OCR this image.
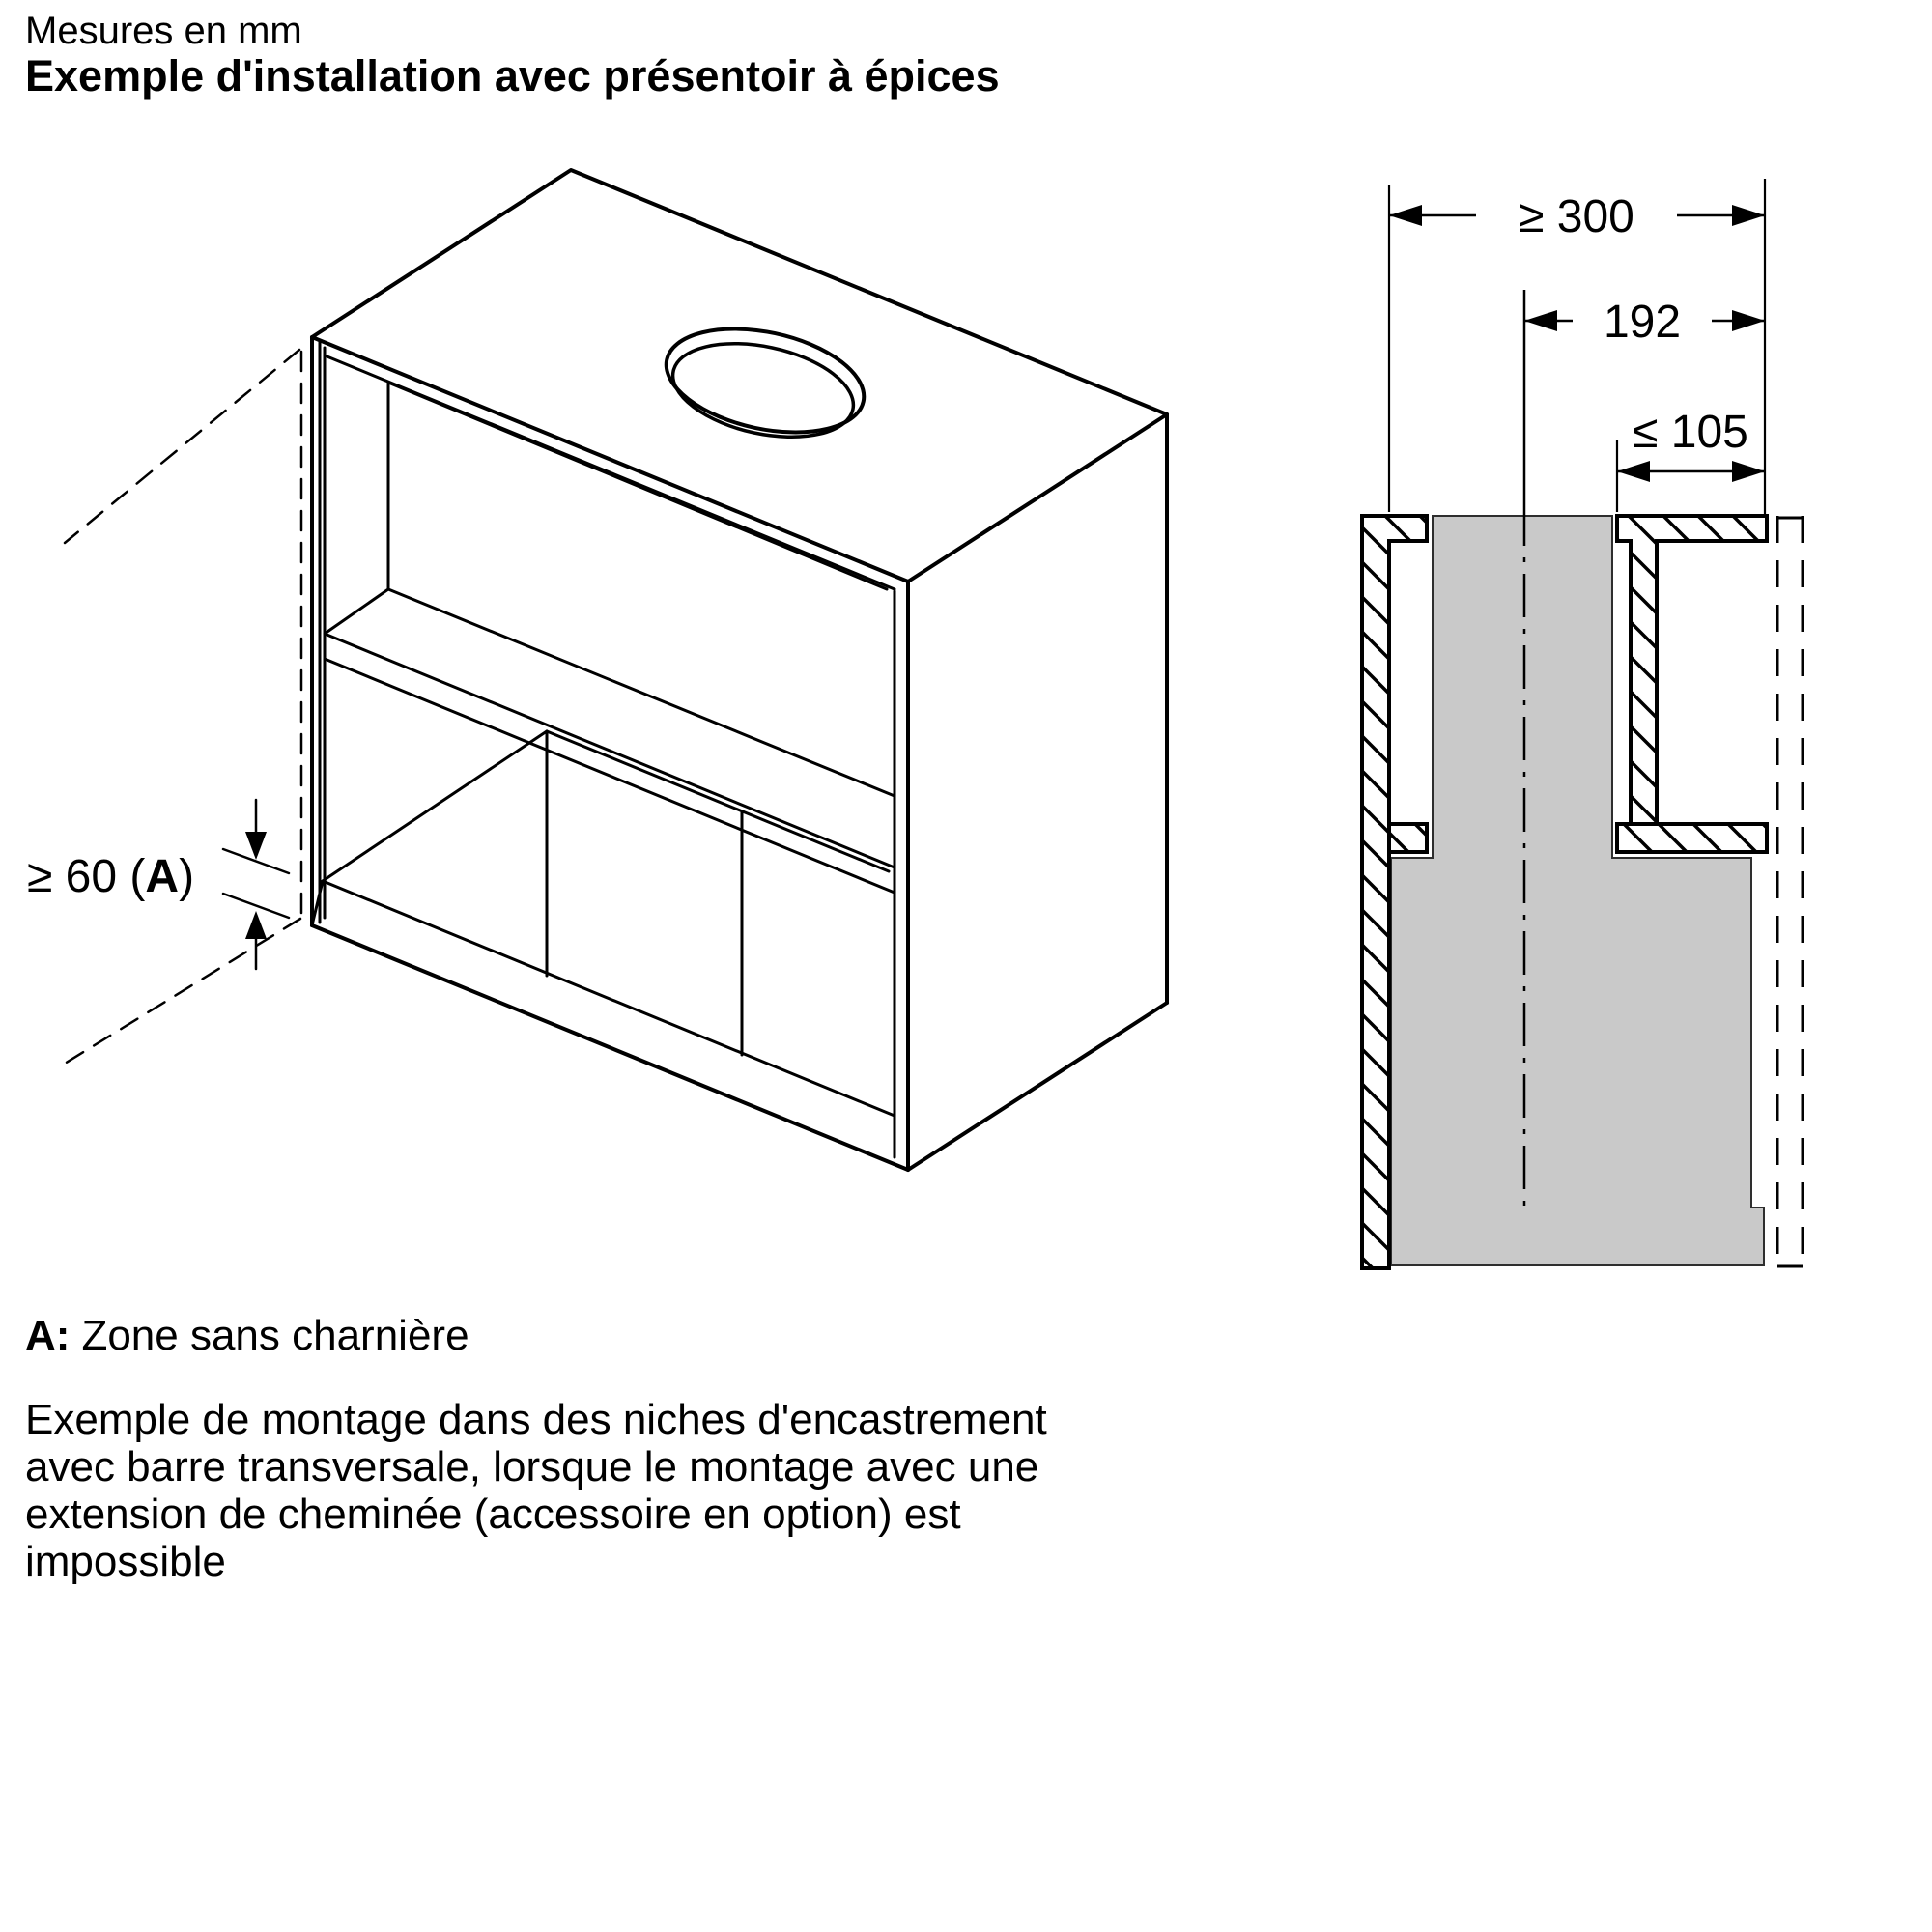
Mesures en mm
Exemple d'installation avec présentoir à épices
≥ 60 (A)
≥ 300
192
≤ 105
A: Zone sans charnière
Exemple de montage dans des niches d'encastrement
avec barre transversale, lorsque le montage avec une
extension de cheminée (accessoire en option) est
impossible
